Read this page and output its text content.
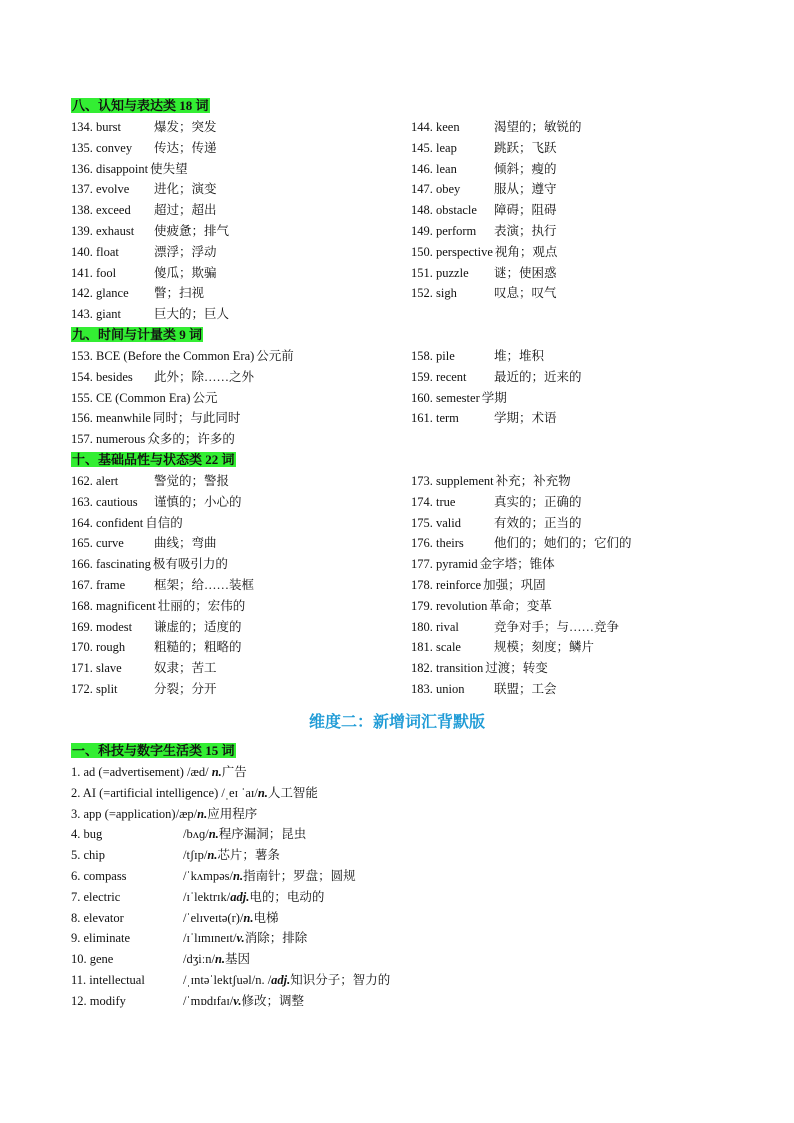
八、认知与表达类 18 词
134. burst	爆发；突发
135. convey 传达；传递
136. disappoint 使失望
137. evolve 进化；演变
138. exceed 超过；超出
139. exhaust 使疲惫；排气
140. float	漂浮；浮动
141. fool	傻瓜；欺骗
142. glance 瞥；扫视
143. giant	巨大的；巨人
144. keen	渴望的；敏锐的
145. leap	跳跃；飞跃
146. lean	倾斜；瘦的
147. obey	服从；遵守
148. obstacle 障碍；阻碍
149. perform 表演；执行
150. perspective 视角；观点
151. puzzle 谜；使困惑
152. sigh	叹息；叹气
九、时间与计量类 9 词
153. BCE (Before the Common Era) 公元前
154. besides 此外；除……之外
155. CE (Common Era) 公元
156. meanwhile 同时；与此同时
157. numerous 众多的；许多的
158. pile	堆；堆积
159. recent 最近的；近来的
160. semester 学期
161. term	学期；术语
十、基础品性与状态类 22 词
162. alert	警觉的；警报
163. cautious 谨慎的；小心的
164. confident 自信的
165. curve 曲线；弯曲
166. fascinating 极有吸引力的
167. frame 框架；给……装框
168. magnificent 壮丽的；宏伟的
169. modest 谦虚的；适度的
170. rough 粗糙的；粗略的
171. slave	奴隶；苦工
172. split	分裂；分开
173. supplement 补充；补充物
174. true	真实的；正确的
175. valid	有效的；正当的
176. theirs 他们的；她们的；它们的
177. pyramid 金字塔；锥体
178. reinforce 加强；巩固
179. revolution 革命；变革
180. rival	竞争对手；与……竞争
181. scale	规模；刻度；鳞片
182. transition 过渡；转变
183. union 联盟；工会
一、科技与数字生活类 15 词
1. ad (=advertisement) /æd/ n.广告
2. AI (=artificial intelligence) /ˌeɪ ˈaɪ/n.人工智能
3. app (=application)/æp/n.应用程序
4. bug	/bʌɡ/n.程序漏洞；昆虫
5. chip	/tʃɪp/n.芯片；薯条
6. compass	/ˈkʌmpəs/n.指南针；罗盘；圆规
7. electric	/ɪˈlektrɪk/adj.电的；电动的
8. elevator	/ˈelɪveɪtə(r)/n.电梯
9. eliminate	/ɪˈlɪmɪneɪt/v.消除；排除
10. gene	/dʒiːn/n.基因
11. intellectual	/ˌɪntəˈlektʃuəl/n. /adj.知识分子；智力的
12. modify	/ˈmɒdɪfaɪ/v.修改；调整
维度二：新增词汇背默版
